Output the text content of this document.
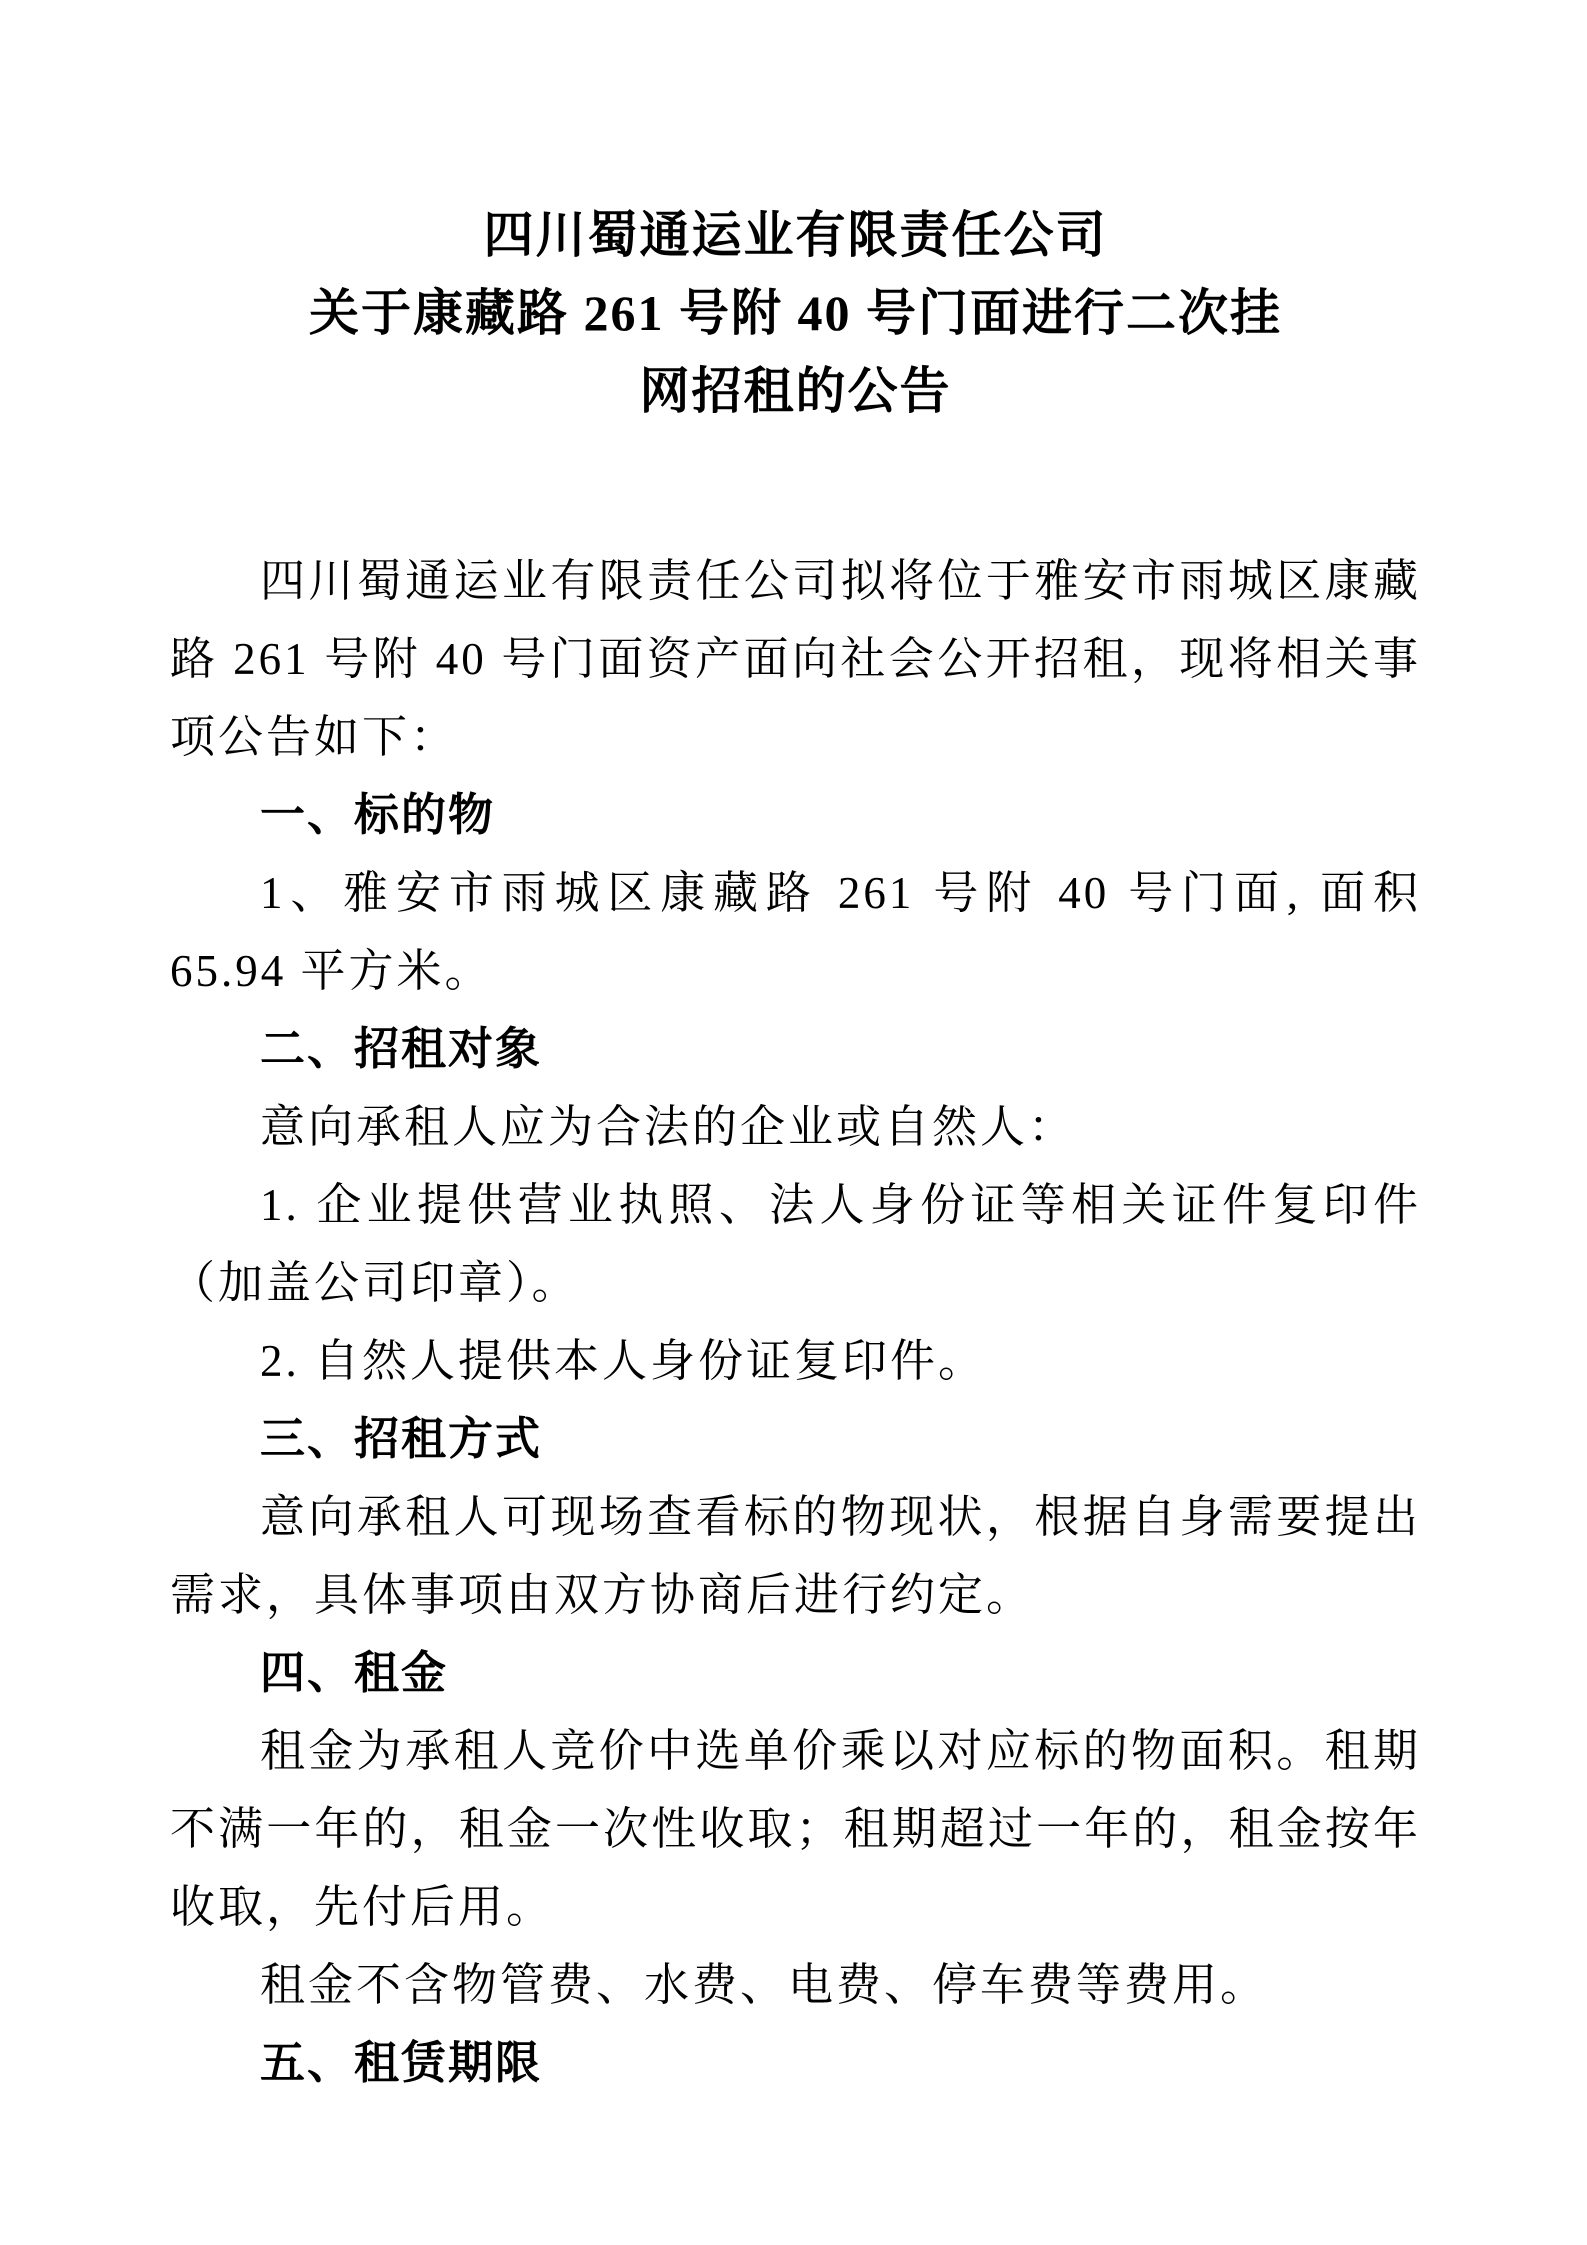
四川蜀通运业有限责任公司
关于康藏路 261 号附 40 号门面进行二次挂
网招租的公告

四川蜀通运业有限责任公司拟将位于雅安市雨城区康藏路 261 号附 40 号门面资产面向社会公开招租，现将相关事项公告如下：

一、标的物

1、雅安市雨城区康藏路 261 号附 40 号门面, 面积 65.94 平方米。

二、招租对象

意向承租人应为合法的企业或自然人：

1. 企业提供营业执照、法人身份证等相关证件复印件（加盖公司印章）。

2. 自然人提供本人身份证复印件。

三、招租方式

意向承租人可现场查看标的物现状，根据自身需要提出需求，具体事项由双方协商后进行约定。

四、租金

租金为承租人竞价中选单价乘以对应标的物面积。租期不满一年的，租金一次性收取；租期超过一年的，租金按年收取，先付后用。

租金不含物管费、水费、电费、停车费等费用。

五、租赁期限
